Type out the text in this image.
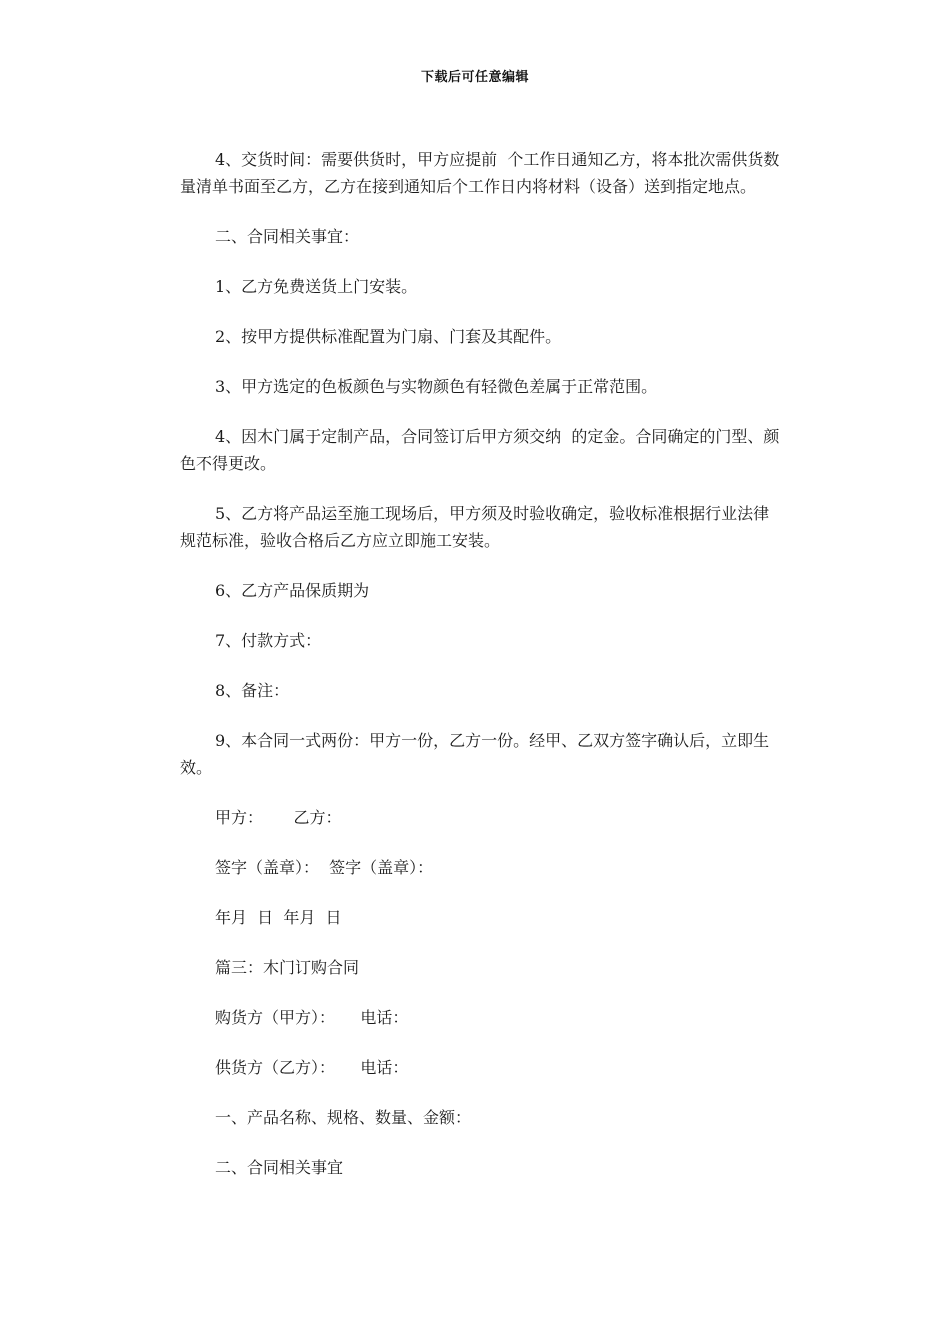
下载后可任意编辑

4、交货时间：需要供货时，甲方应提前  个工作日通知乙方，将本批次需供货数量清单书面至乙方，乙方在接到通知后个工作日内将材料（设备）送到指定地点。

二、合同相关事宜：

1、乙方免费送货上门安装。

2、按甲方提供标准配置为门扇、门套及其配件。

3、甲方选定的色板颜色与实物颜色有轻微色差属于正常范围。

4、因木门属于定制产品，合同签订后甲方须交纳  的定金。合同确定的门型、颜色不得更改。

5、乙方将产品运至施工现场后，甲方须及时验收确定，验收标准根据行业法律规范标准，验收合格后乙方应立即施工安装。

6、乙方产品保质期为

7、付款方式：

8、备注：

9、本合同一式两份：甲方一份，乙方一份。经甲、乙双方签字确认后，立即生效。

甲方：      乙方：

签字（盖章）：  签字（盖章）：

年月  日  年月  日

篇三：木门订购合同

购货方（甲方）：     电话：

供货方（乙方）：     电话：

一、产品名称、规格、数量、金额：

二、合同相关事宜
